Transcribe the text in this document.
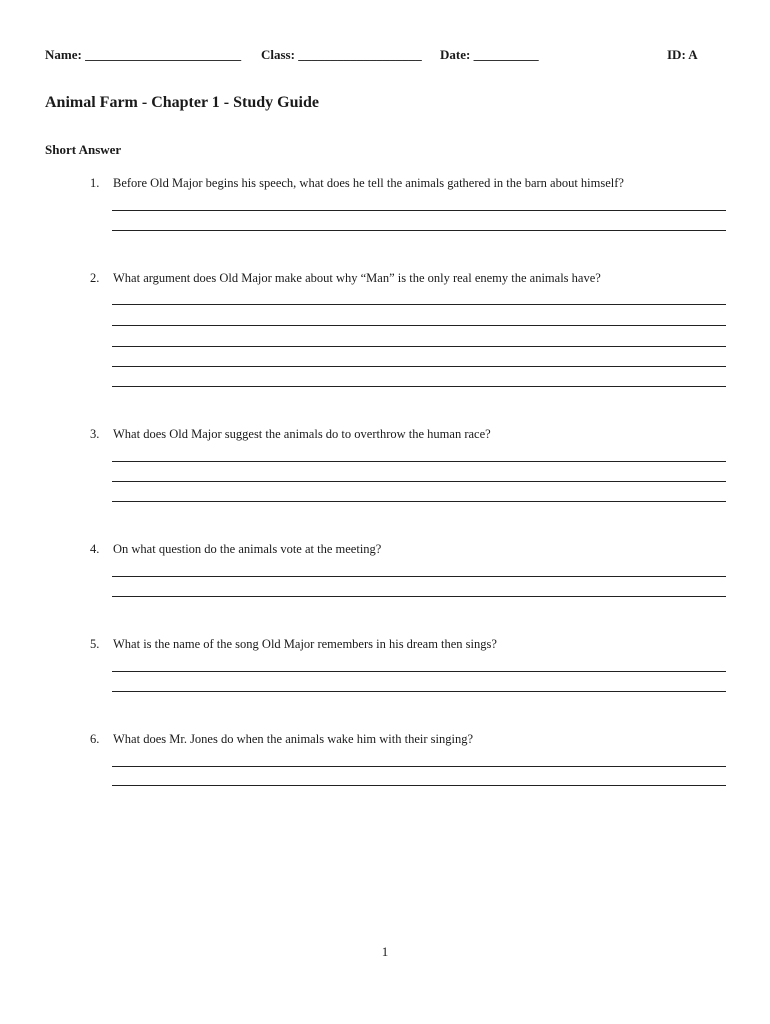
Name: ________________________ Class: ___________________ Date: __________	ID: A
Animal Farm - Chapter 1 - Study Guide
Short Answer
1. Before Old Major begins his speech, what does he tell the animals gathered in the barn about himself?
2. What argument does Old Major make about why “Man” is the only real enemy the animals have?
3. What does Old Major suggest the animals do to overthrow the human race?
4. On what question do the animals vote at the meeting?
5. What is the name of the song Old Major remembers in his dream then sings?
6. What does Mr. Jones do when the animals wake him with their singing?
1
